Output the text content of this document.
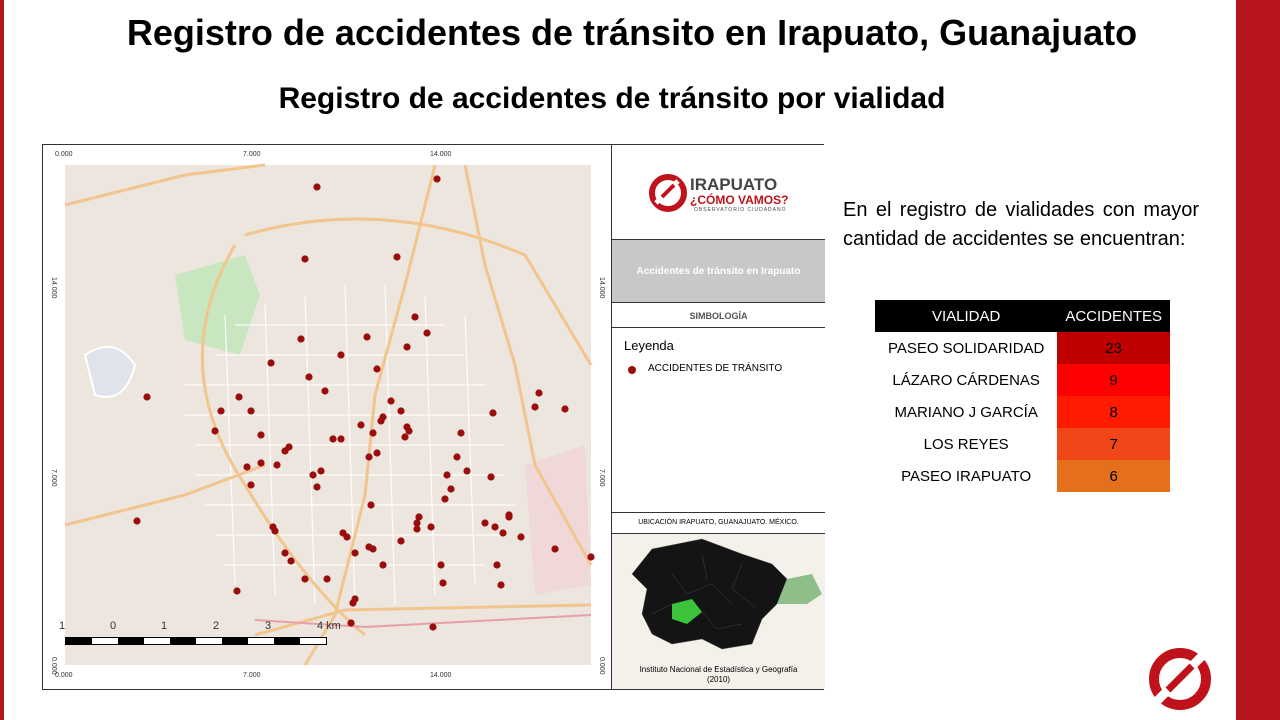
Registro de accidentes de tránsito en Irapuato, Guanajuato
Registro de accidentes de tránsito por vialidad
0.000	7.000	14.000
0.000	7.000	14.000
14.000
7.000
0.000
14.000
7.000
0.000
1	0	1	2	3	4 km
IRAPUATO
¿CÓMO VAMOS?
OBSERVATORIO CIUDADANO
Accidentes de tránsito en Irapuato
SIMBOLOGÍA
Leyenda
ACCIDENTES DE TRÁNSITO
UBICACIÓN IRAPUATO, GUANAJUATO. MÉXICO.
Instituto Nacional de Estadística y Geografía
(2010)
En el registro de vialidades con mayor cantidad de accidentes se encuentran:
VIALIDAD	ACCIDENTES
PASEO SOLIDARIDAD	23
LÁZARO CÁRDENAS	9
MARIANO J GARCÍA	8
LOS REYES	7
PASEO IRAPUATO	6
